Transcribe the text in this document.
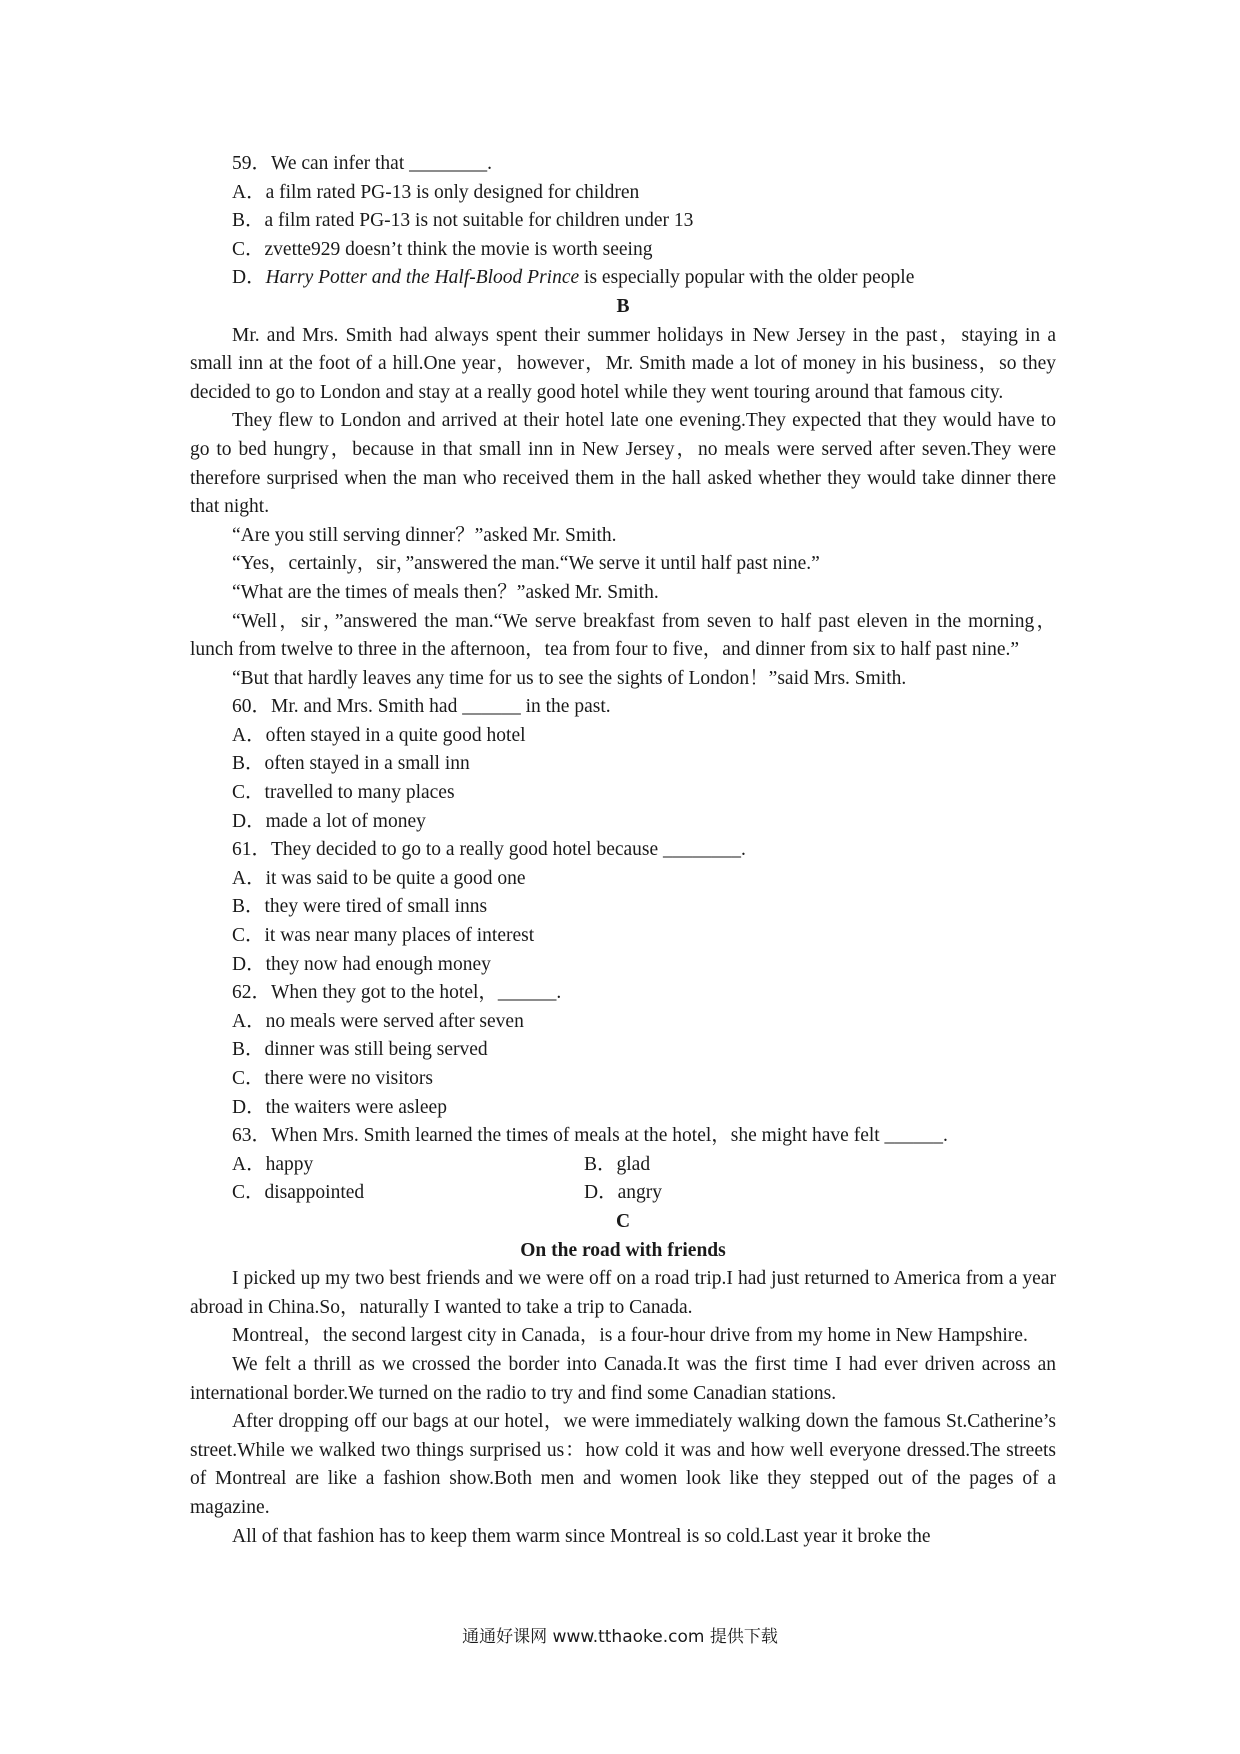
59．We can infer that ________.
A．a film rated PG-13 is only designed for children
B．a film rated PG-13 is not suitable for children under 13
C．zvette929 doesn’t think the movie is worth seeing
D．Harry Potter and the Half-Blood Prince is especially popular with the older people
B
Mr. and Mrs. Smith had always spent their summer holidays in New Jersey in the past，staying in a small inn at the foot of a hill.One year，however，Mr. Smith made a lot of money in his business，so they decided to go to London and stay at a really good hotel while they went touring around that famous city.
They flew to London and arrived at their hotel late one evening.They expected that they would have to go to bed hungry，because in that small inn in New Jersey，no meals were served after seven.They were therefore surprised when the man who received them in the hall asked whether they would take dinner there that night.
“Are you still serving dinner？”asked Mr. Smith.
“Yes，certainly，sir，”answered the man.“We serve it until half past nine.”
“What are the times of meals then？”asked Mr. Smith.
“Well，sir，”answered the man.“We serve breakfast from seven to half past eleven in the morning，lunch from twelve to three in the afternoon，tea from four to five，and dinner from six to half past nine.”
“But that hardly leaves any time for us to see the sights of London！”said Mrs. Smith.
60．Mr. and Mrs. Smith had ______ in the past.
A．often stayed in a quite good hotel
B．often stayed in a small inn
C．travelled to many places
D．made a lot of money
61．They decided to go to a really good hotel because ________.
A．it was said to be quite a good one
B．they were tired of small inns
C．it was near many places of interest
D．they now had enough money
62．When they got to the hotel，______.
A．no meals were served after seven
B．dinner was still being served
C．there were no visitors
D．the waiters were asleep
63．When Mrs. Smith learned the times of meals at the hotel，she might have felt ______.
A．happy	B．glad
C．disappointed	D．angry
C
On the road with friends
I picked up my two best friends and we were off on a road trip.I had just returned to America from a year abroad in China.So，naturally I wanted to take a trip to Canada.
Montreal，the second largest city in Canada，is a four-hour drive from my home in New Hampshire.
We felt a thrill as we crossed the border into Canada.It was the first time I had ever driven across an international border.We turned on the radio to try and find some Canadian stations.
After dropping off our bags at our hotel，we were immediately walking down the famous St.Catherine’s street.While we walked two things surprised us：how cold it was and how well everyone dressed.The streets of Montreal are like a fashion show.Both men and women look like they stepped out of the pages of a magazine.
All of that fashion has to keep them warm since Montreal is so cold.Last year it broke the
通通好课网 www.tthaoke.com 提供下载
